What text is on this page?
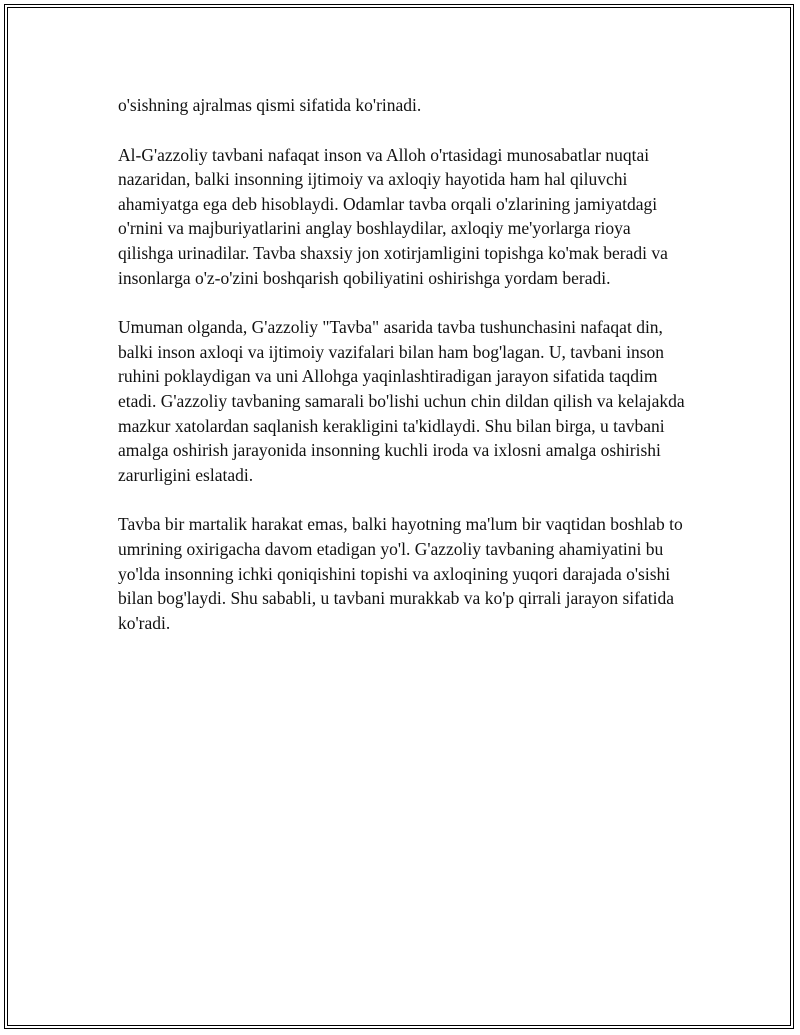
o'sishning ajralmas qismi sifatida ko'rinadi.

Al-G'azzoliy tavbani nafaqat inson va Alloh o'rtasidagi munosabatlar nuqtai nazaridan, balki insonning ijtimoiy va axloqiy hayotida ham hal qiluvchi ahamiyatga ega deb hisoblaydi. Odamlar tavba orqali o'zlarining jamiyatdagi o'rnini va majburiyatlarini anglay boshlaydilar, axloqiy me'yorlarga rioya qilishga urinadilar. Tavba shaxsiy jon xotirjamligini topishga ko'mak beradi va insonlarga o'z-o'zini boshqarish qobiliyatini oshirishga yordam beradi.

Umuman olganda, G'azzoliy "Tavba" asarida tavba tushunchasini nafaqat din, balki inson axloqi va ijtimoiy vazifalari bilan ham bog'lagan. U, tavbani inson ruhini poklaydigan va uni Allohga yaqinlashtiradigan jarayon sifatida taqdim etadi. G'azzoliy tavbaning samarali bo'lishi uchun chin dildan qilish va kelajakda mazkur xatolardan saqlanish kerakligini ta'kidlaydi. Shu bilan birga, u tavbani amalga oshirish jarayonida insonning kuchli iroda va ixlosni amalga oshirishi zarurligini eslatadi.

Tavba bir martalik harakat emas, balki hayotning ma'lum bir vaqtidan boshlab to umrining oxirigacha davom etadigan yo'l. G'azzoliy tavbaning ahamiyatini bu yo'lda insonning ichki qoniqishini topishi va axloqining yuqori darajada o'sishi bilan bog'laydi. Shu sababli, u tavbani murakkab va ko'p qirrali jarayon sifatida ko'radi.
